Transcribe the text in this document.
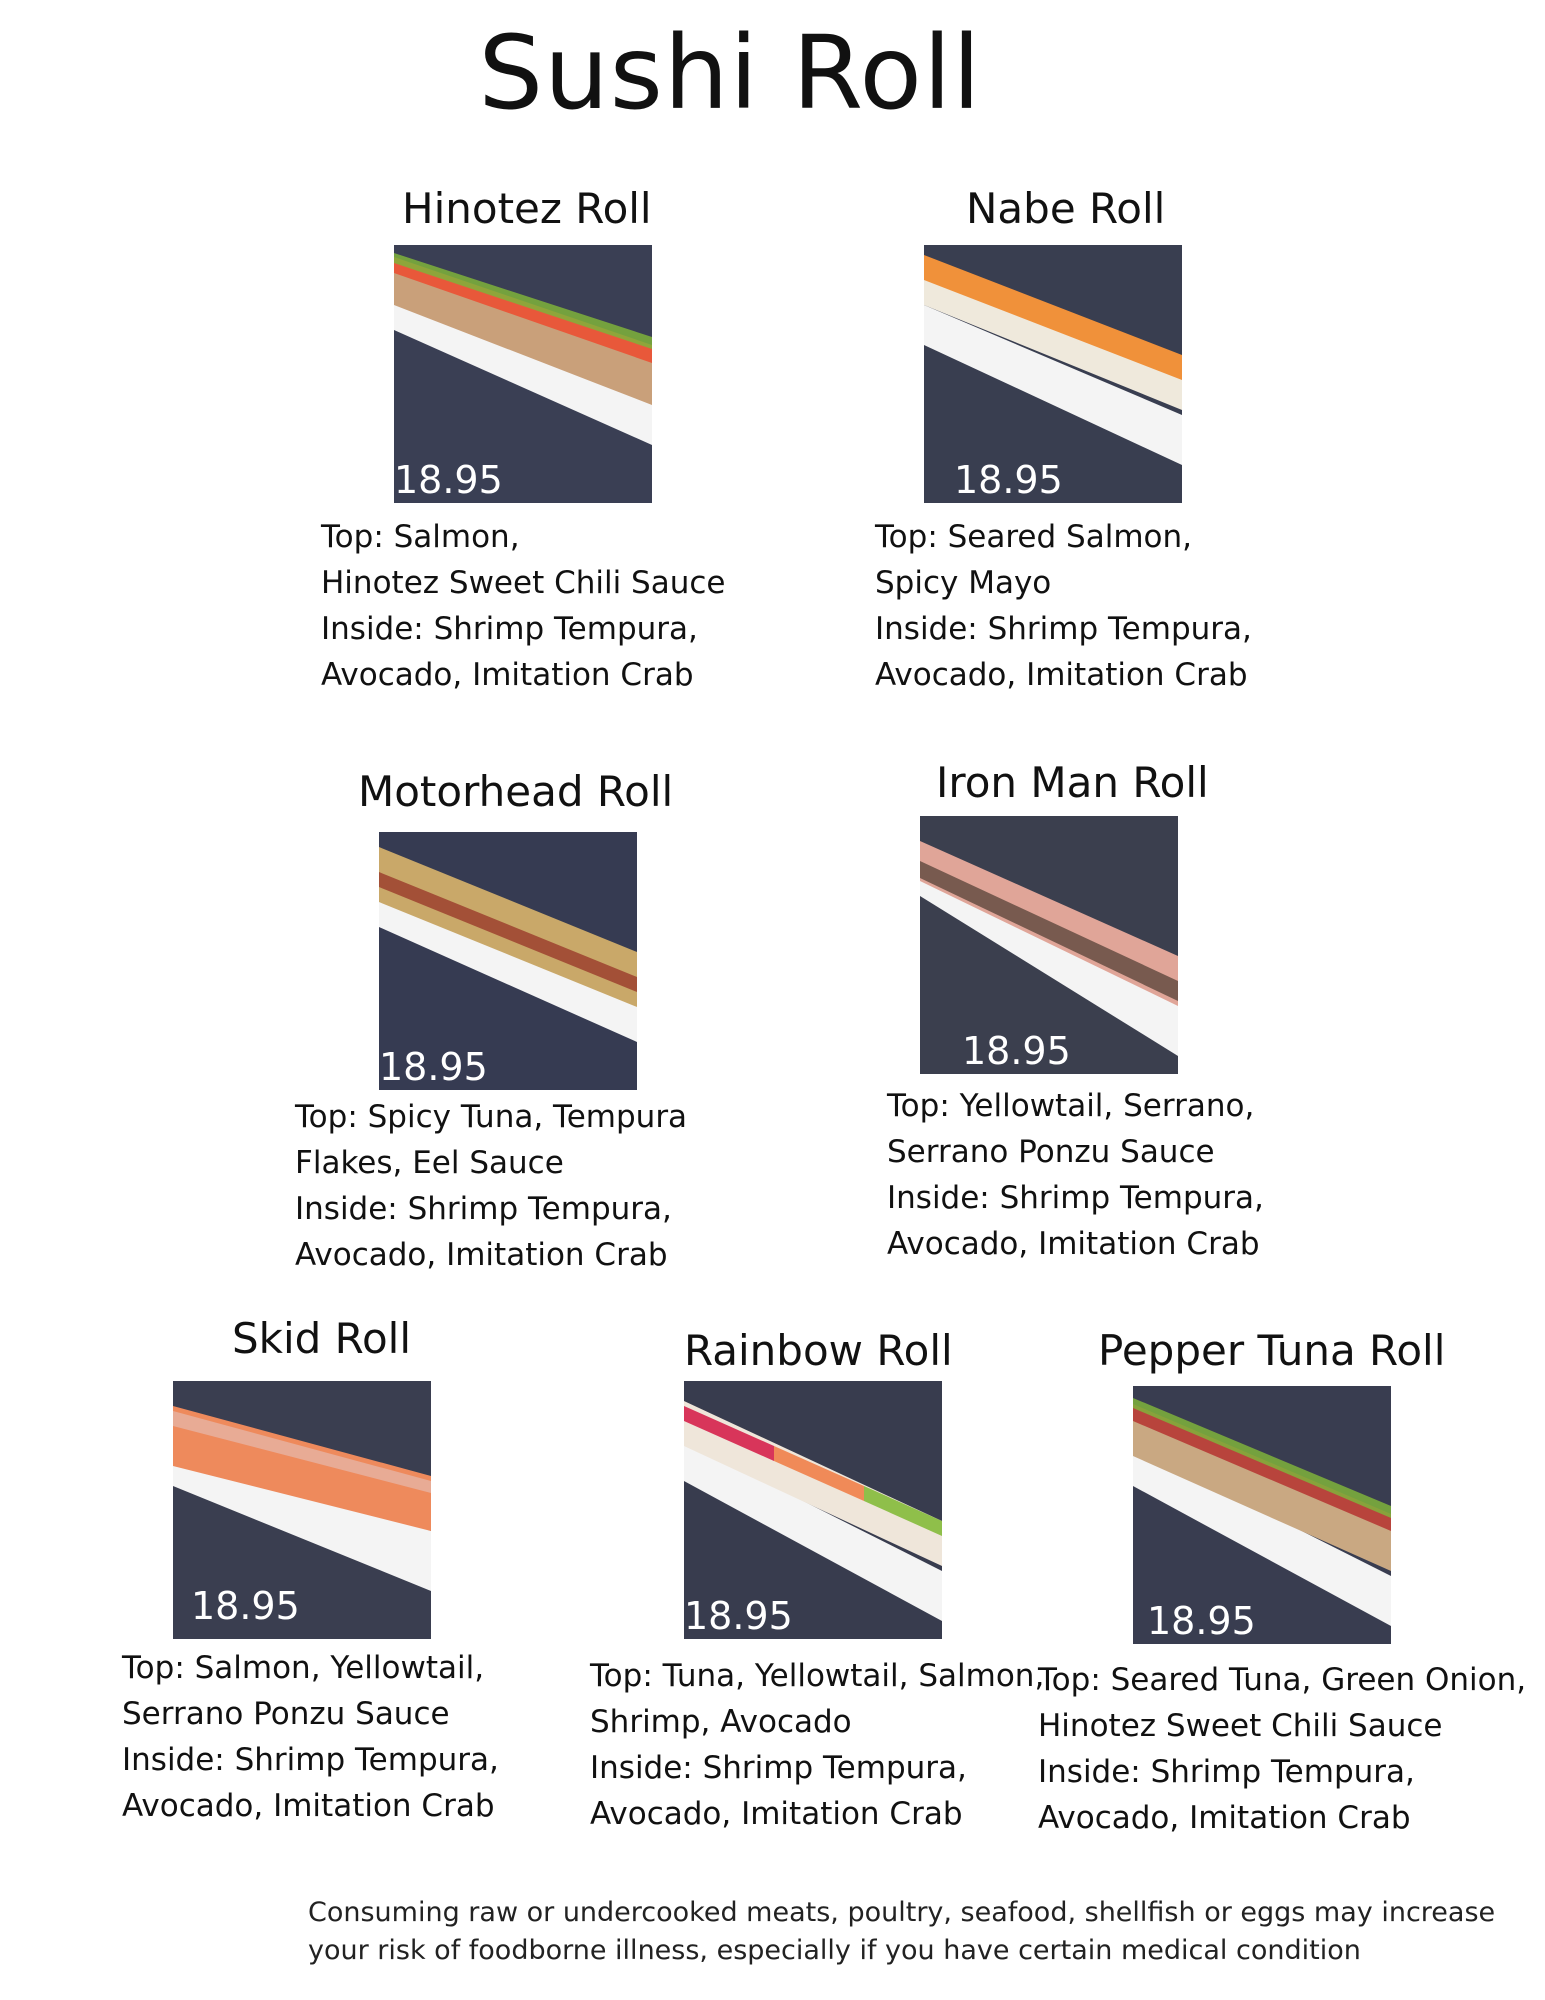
Sushi Roll
Hinotez Roll
18.95
Top: Salmon,
Hinotez Sweet Chili Sauce
Inside: Shrimp Tempura,
Avocado, Imitation Crab
Nabe Roll
18.95
Top: Seared Salmon,
Spicy Mayo
Inside: Shrimp Tempura,
Avocado, Imitation Crab
Motorhead Roll
18.95
Top: Spicy Tuna, Tempura
Flakes, Eel Sauce
Inside: Shrimp Tempura,
Avocado, Imitation Crab
Iron Man Roll
18.95
Top: Yellowtail, Serrano,
Serrano Ponzu Sauce
Inside: Shrimp Tempura,
Avocado, Imitation Crab
Skid Roll
18.95
Top: Salmon, Yellowtail,
Serrano Ponzu Sauce
Inside: Shrimp Tempura,
Avocado, Imitation Crab
Rainbow Roll
18.95
Top: Tuna, Yellowtail, Salmon,
Shrimp, Avocado
Inside: Shrimp Tempura,
Avocado, Imitation Crab
Pepper Tuna Roll
18.95
Top: Seared Tuna, Green Onion,
Hinotez Sweet Chili Sauce
Inside: Shrimp Tempura,
Avocado, Imitation Crab
Consuming raw or undercooked meats, poultry, seafood, shellfish or eggs may increase
your risk of foodborne illness, especially if you have certain medical condition
